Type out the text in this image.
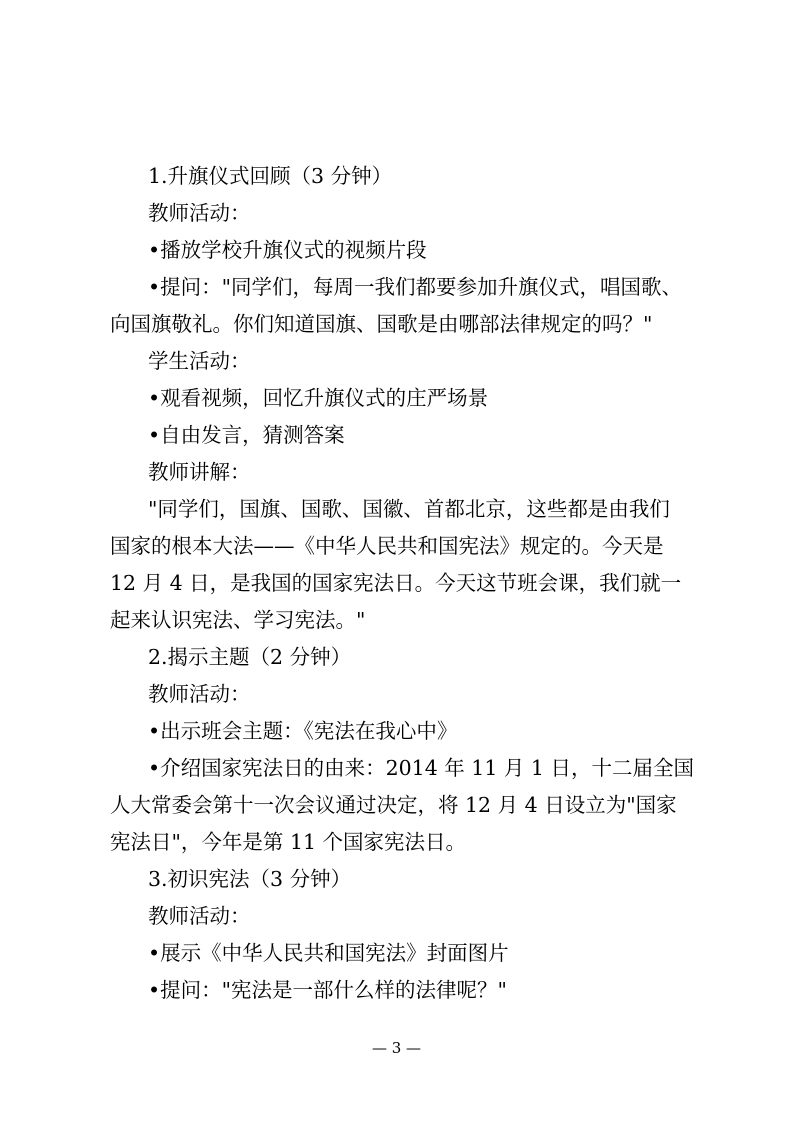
1.升旗仪式回顾（3 分钟）
教师活动：
•播放学校升旗仪式的视频片段
•提问："同学们，每周一我们都要参加升旗仪式，唱国歌、
向国旗敬礼。你们知道国旗、国歌是由哪部法律规定的吗？"
学生活动：
•观看视频，回忆升旗仪式的庄严场景
•自由发言，猜测答案
教师讲解：
"同学们，国旗、国歌、国徽、首都北京，这些都是由我们
国家的根本大法——《中华人民共和国宪法》规定的。今天是
12 月 4 日，是我国的国家宪法日。今天这节班会课，我们就一
起来认识宪法、学习宪法。"
2.揭示主题（2 分钟）
教师活动：
•出示班会主题：《宪法在我心中》
•介绍国家宪法日的由来：2014 年 11 月 1 日，十二届全国
人大常委会第十一次会议通过决定，将 12 月 4 日设立为"国家
宪法日"，今年是第 11 个国家宪法日。
3.初识宪法（3 分钟）
教师活动：
•展示《中华人民共和国宪法》封面图片
•提问："宪法是一部什么样的法律呢？"
— 3 —
